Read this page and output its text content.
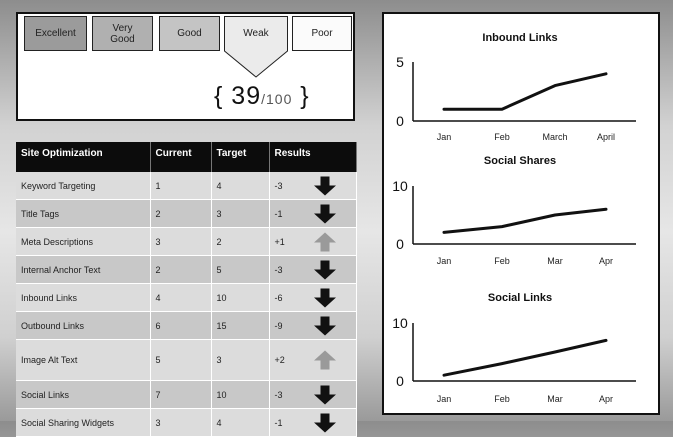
Excellent	Very
Good	Good	Weak	Poor
{ 39/100 }
Site Optimization	Current	Target	Results
Keyword Targeting	1	4	-3

Title Tags	2	3	-1

Meta Descriptions	3	2	+1

Internal Anchor Text	2	5	-3

Inbound Links	4	10	-6

Outbound Links	6	15	-9

Image Alt Text	5	3	+2

Social Links	7	10	-3

Social Sharing Widgets	3	4	-1
Inbound Links
0
5
Jan	Feb	March	April
Social Shares
0
10
Jan	Feb	Mar	Apr
Social Links
0
10
Jan	Feb	Mar	Apr
